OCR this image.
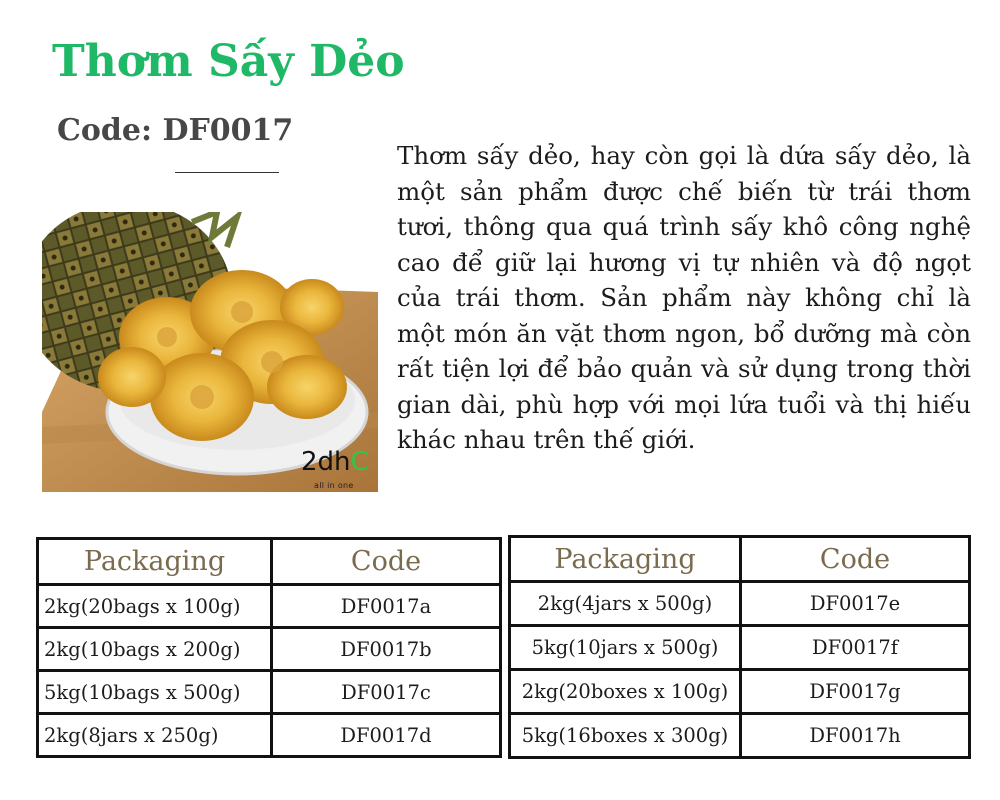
Thơm Sấy Dẻo
Code: DF0017
2dhC
all in one

Thơm sấy dẻo, hay còn gọi là dứa sấy dẻo, là một sản phẩm được chế biến từ trái thơm tươi, thông qua quá trình sấy khô công nghệ cao để giữ lại hương vị tự nhiên và độ ngọt của trái thơm. Sản phẩm này không chỉ là một món ăn vặt thơm ngon, bổ dưỡng mà còn rất tiện lợi để bảo quản và sử dụng trong thời gian dài, phù hợp với mọi lứa tuổi và thị hiếu khác nhau trên thế giới.

Packaging	Code
2kg(20bags x 100g)	DF0017a
2kg(10bags x 200g)	DF0017b
5kg(10bags x 500g)	DF0017c
2kg(8jars x 250g)	DF0017d
Packaging	Code
2kg(4jars x 500g)	DF0017e
5kg(10jars x 500g)	DF0017f
2kg(20boxes x 100g)	DF0017g
5kg(16boxes x 300g)	DF0017h
